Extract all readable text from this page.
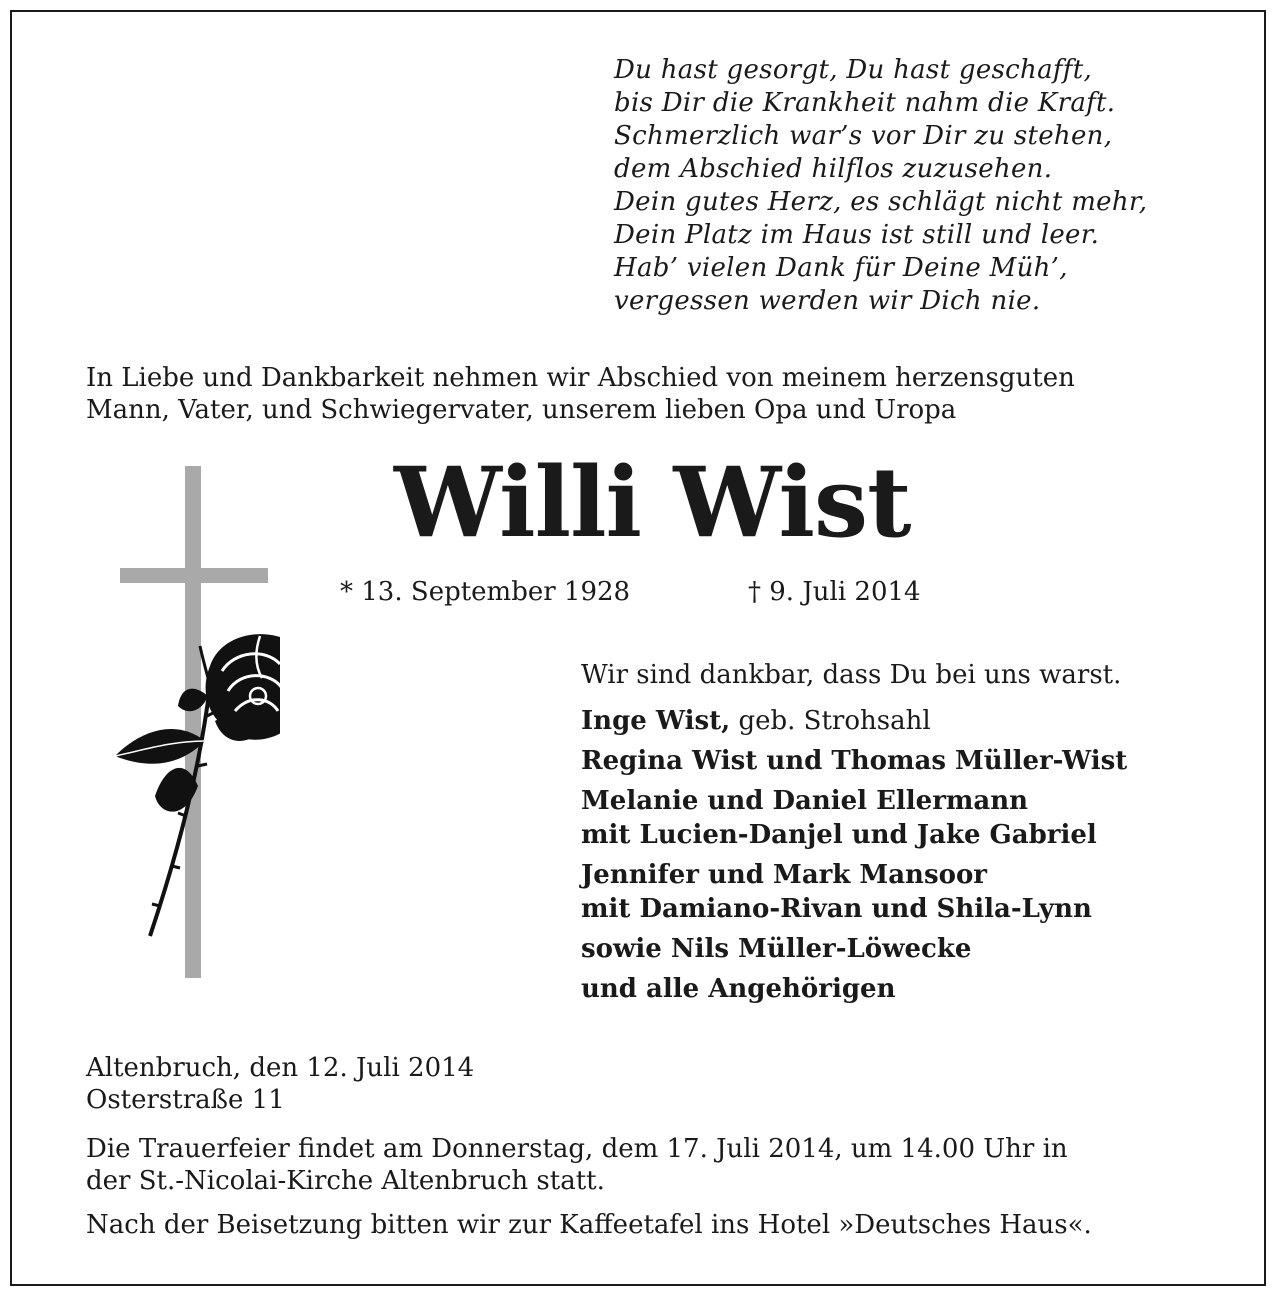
Du hast gesorgt, Du hast geschafft,
bis Dir die Krankheit nahm die Kraft.
Schmerzlich war’s vor Dir zu stehen,
dem Abschied hilflos zuzusehen.
Dein gutes Herz, es schlägt nicht mehr,
Dein Platz im Haus ist still und leer.
Hab’ vielen Dank für Deine Müh’,
vergessen werden wir Dich nie.
In Liebe und Dankbarkeit nehmen wir Abschied von meinem herzensguten
Mann, Vater, und Schwiegervater, unserem lieben Opa und Uropa
Willi Wist
* 13. September 1928	† 9. Juli 2014
Wir sind dankbar, dass Du bei uns warst.
Inge Wist, geb. Strohsahl
Regina Wist und Thomas Müller-Wist
Melanie und Daniel Ellermann
mit Lucien-Danjel und Jake Gabriel
Jennifer und Mark Mansoor
mit Damiano-Rivan und Shila-Lynn
sowie Nils Müller-Löwecke
und alle Angehörigen
Altenbruch, den 12. Juli 2014
Osterstraße 11
Die Trauerfeier findet am Donnerstag, dem 17. Juli 2014, um 14.00 Uhr in
der St.-Nicolai-Kirche Altenbruch statt.
Nach der Beisetzung bitten wir zur Kaffeetafel ins Hotel »Deutsches Haus«.
